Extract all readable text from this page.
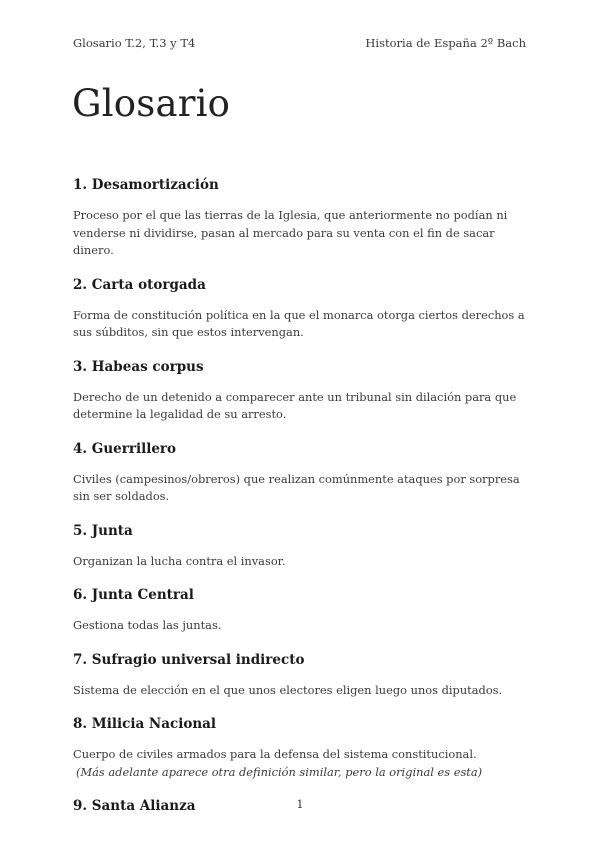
Glosario T.2, T.3 y T4	Historia de España 2º Bach
Glosario
1. Desamortización

Proceso por el que las tierras de la Iglesia, que anteriormente no podían ni venderse ni dividirse, pasan al mercado para su venta con el fin de sacar dinero.

2. Carta otorgada

Forma de constitución política en la que el monarca otorga ciertos derechos a sus súbditos, sin que estos intervengan.

3. Habeas corpus

Derecho de un detenido a comparecer ante un tribunal sin dilación para que determine la legalidad de su arresto.

4. Guerrillero

Civiles (campesinos/obreros) que realizan comúnmente ataques por sorpresa sin ser soldados.

5. Junta

Organizan la lucha contra el invasor.

6. Junta Central

Gestiona todas las juntas.

7. Sufragio universal indirecto

Sistema de elección en el que unos electores eligen luego unos diputados.

8. Milicia Nacional

Cuerpo de civiles armados para la defensa del sistema constitucional.

(Más adelante aparece otra definición similar, pero la original es esta)

9. Santa Alianza	1
